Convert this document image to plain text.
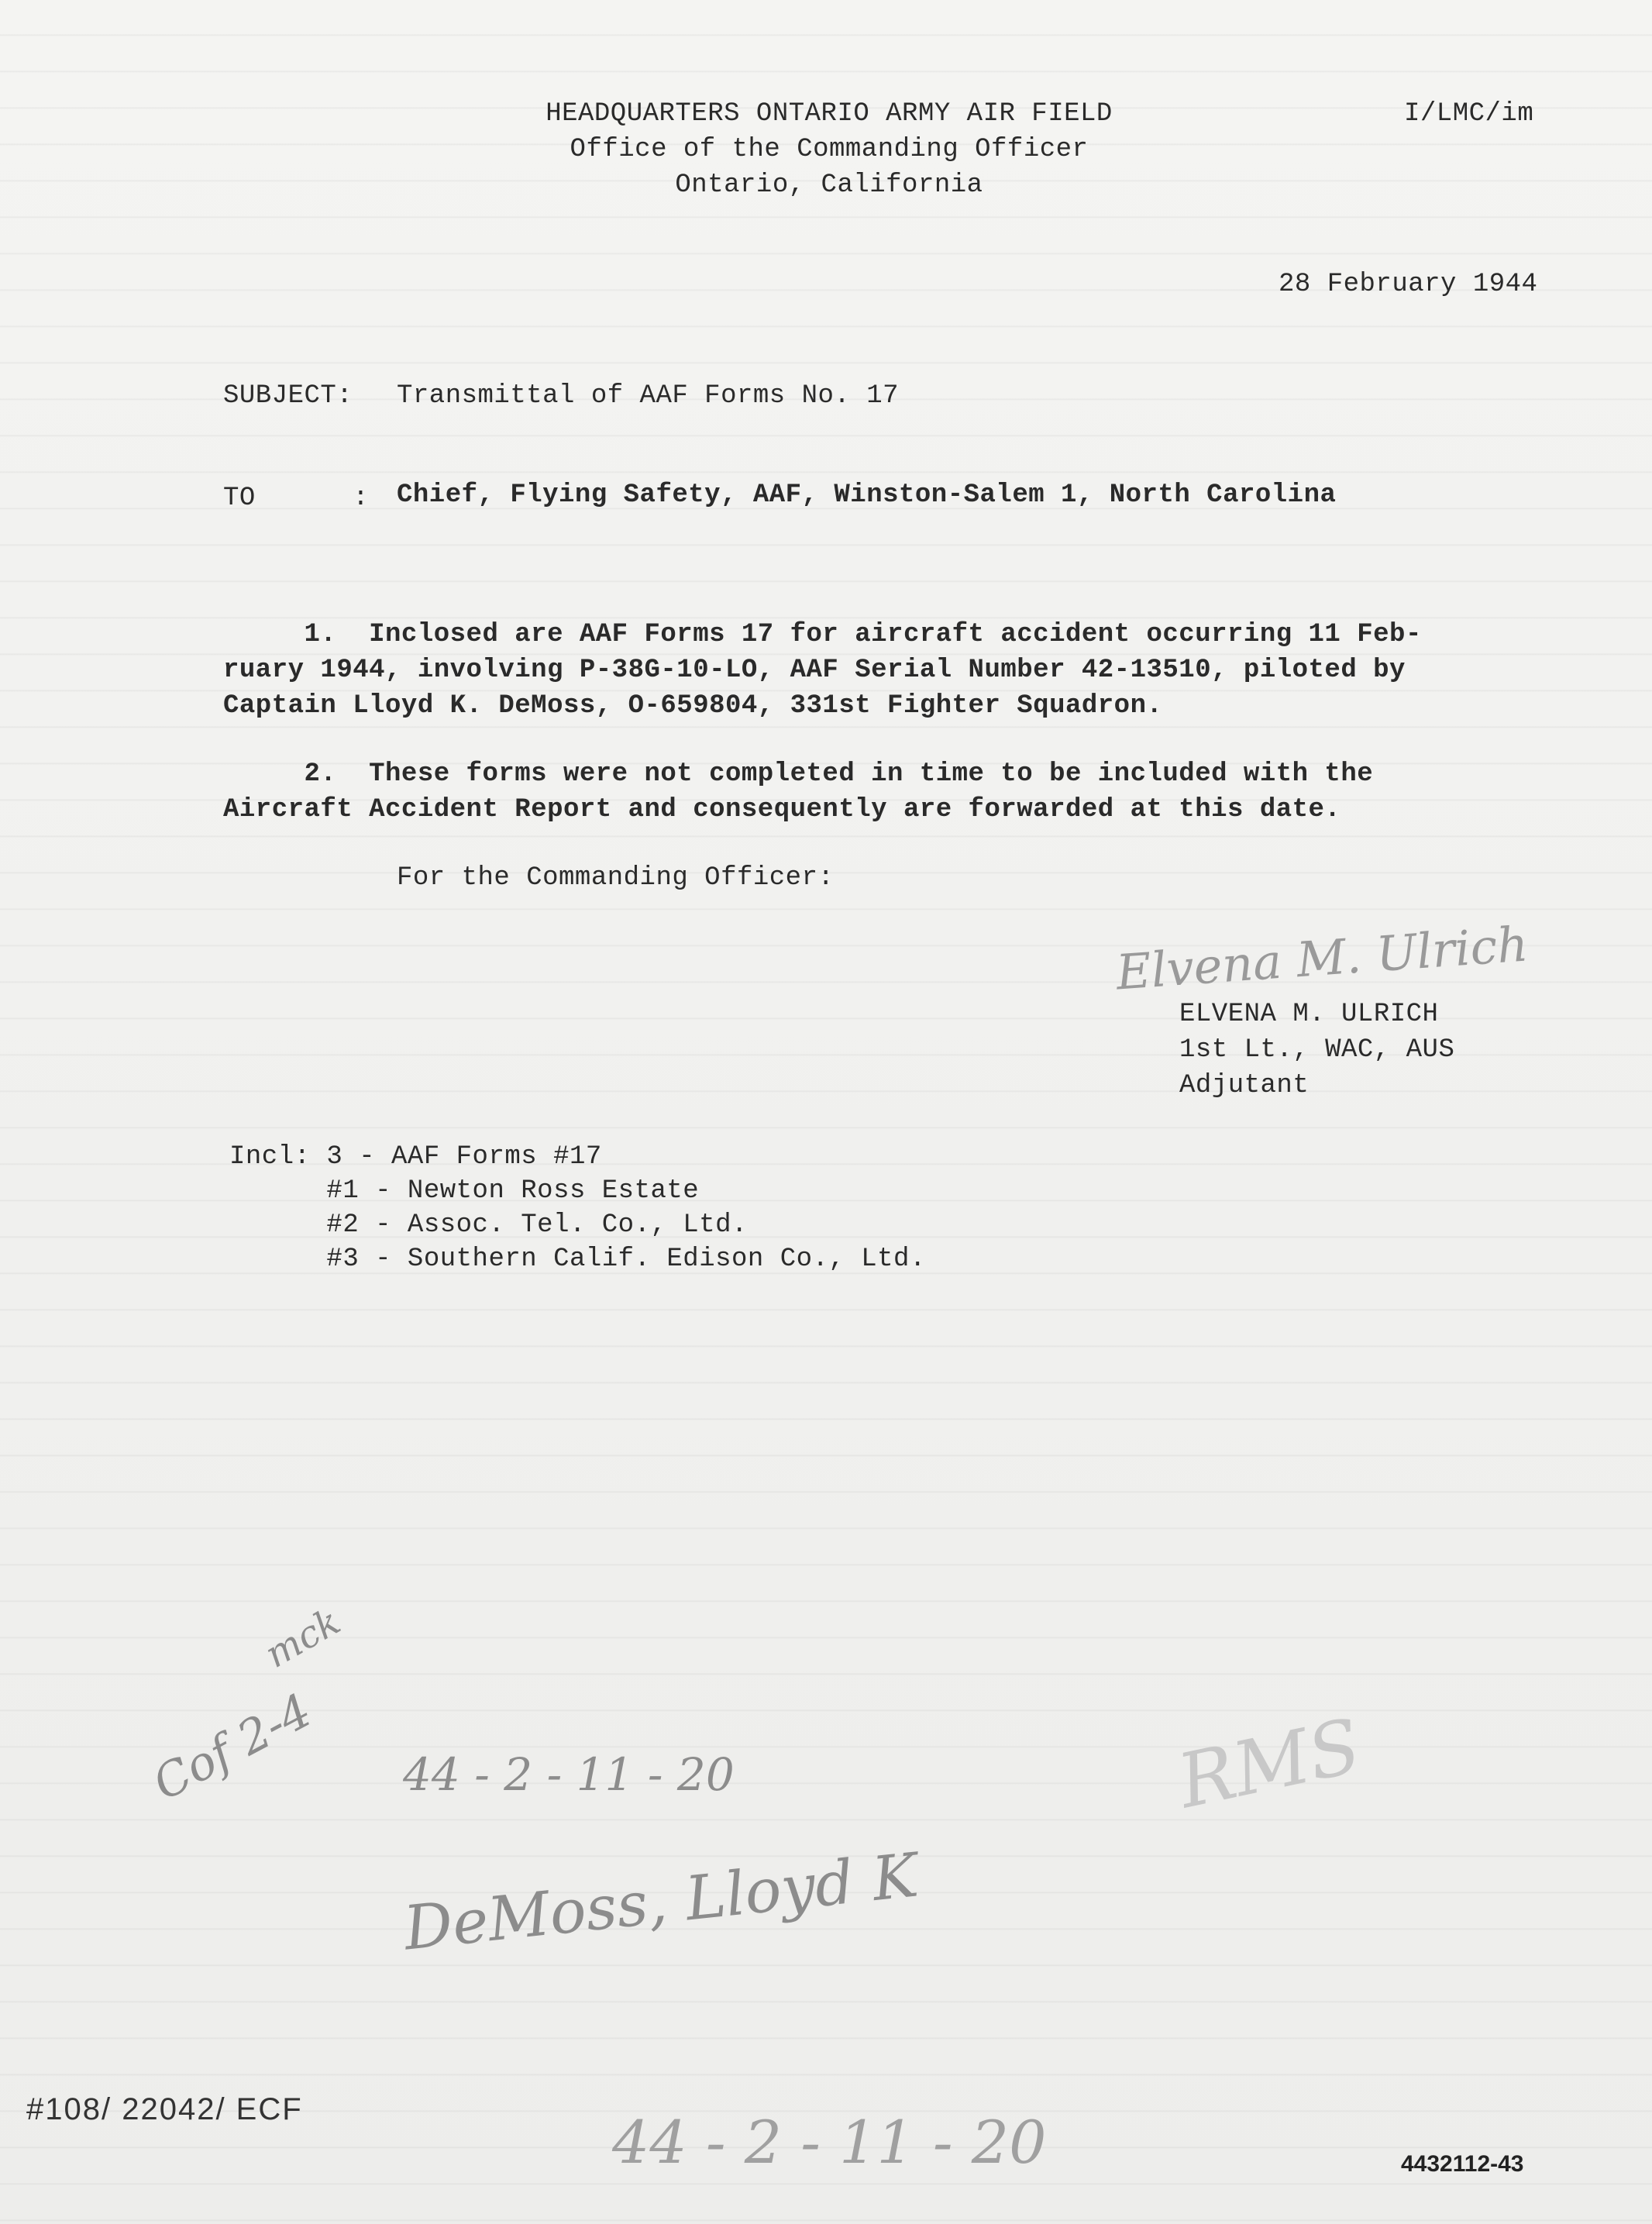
HEADQUARTERS ONTARIO ARMY AIR FIELD
Office of the Commanding Officer
Ontario, California
I/LMC/im
28 February 1944
SUBJECT: Transmittal of AAF Forms No. 17
TO      : Chief, Flying Safety, AAF, Winston-Salem 1, North Carolina
1.  Inclosed are AAF Forms 17 for aircraft accident occurring 11 Feb-
ruary 1944, involving P-38G-10-LO, AAF Serial Number 42-13510, piloted by
Captain Lloyd K. DeMoss, O-659804, 331st Fighter Squadron.
2.  These forms were not completed in time to be included with the
Aircraft Accident Report and consequently are forwarded at this date.
For the Commanding Officer:
Elvena M. Ulrich
ELVENA M. ULRICH
1st Lt., WAC, AUS
Adjutant
Incl: 3 - AAF Forms #17
#1 - Newton Ross Estate
#2 - Assoc. Tel. Co., Ltd.
#3 - Southern Calif. Edison Co., Ltd.
mck
Cof 2-4 44 - 2 - 11 - 20
DeMoss, Lloyd K
RMS
44 - 2 - 11 - 20
#108/ 22042/ ECF
4432112-43
